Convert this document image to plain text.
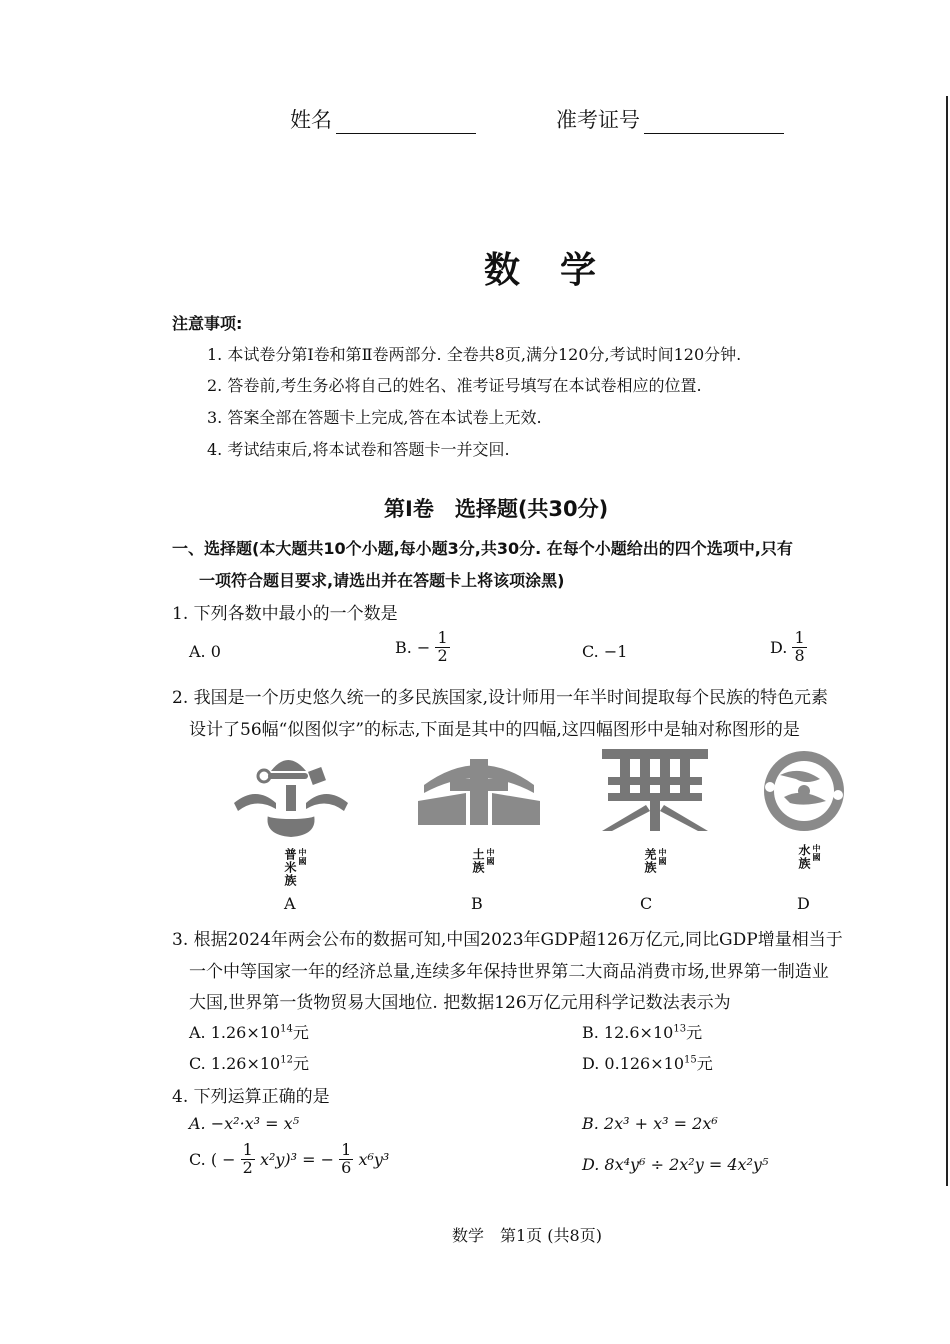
姓名	准考证号
数　学
注意事项:
1. 本试卷分第Ⅰ卷和第Ⅱ卷两部分. 全卷共8页,满分120分,考试时间120分钟.
2. 答卷前,考生务必将自己的姓名、准考证号填写在本试卷相应的位置.
3. 答案全部在答题卡上完成,答在本试卷上无效.
4. 考试结束后,将本试卷和答题卡一并交回.
第Ⅰ卷　选择题(共30分)
一、选择题(本大题共10个小题,每小题3分,共30分. 在每个小题给出的四个选项中,只有
一项符合题目要求,请选出并在答题卡上将该项涂黑)
1. 下列各数中最小的一个数是
A. 0	B. − $\frac{1}{2}$	C. −1	D. $\frac{1}{8}$
2. 我国是一个历史悠久统一的多民族国家,设计师用一年半时间提取每个民族的特色元素
设计了56幅“似图似字”的标志,下面是其中的四幅,这四幅图形中是轴对称图形的是
普米族 中國	土族 中國	羌族 中國	水族 中國
A	B	C	D
3. 根据2024年两会公布的数据可知,中国2023年GDP超126万亿元,同比GDP增量相当于
一个中等国家一年的经济总量,连续多年保持世界第二大商品消费市场,世界第一制造业
大国,世界第一货物贸易大国地位. 把数据126万亿元用科学记数法表示为
A. $1.26\times 10^{14}$元	B. $12.6\times 10^{13}$元
C. $1.26\times 10^{12}$元	D. $0.126\times 10^{15}$元
4. 下列运算正确的是
A. −x²·x³ = x⁵	B. 2x³ + x³ = 2x⁶
C. ( − $\frac{1}{2} x^2y)^3$ = − $\frac{1}{6} x^6y^3$	D. 8x⁴y⁶ ÷ 2x²y = 4x²y⁵
数学　第1页 (共8页)
